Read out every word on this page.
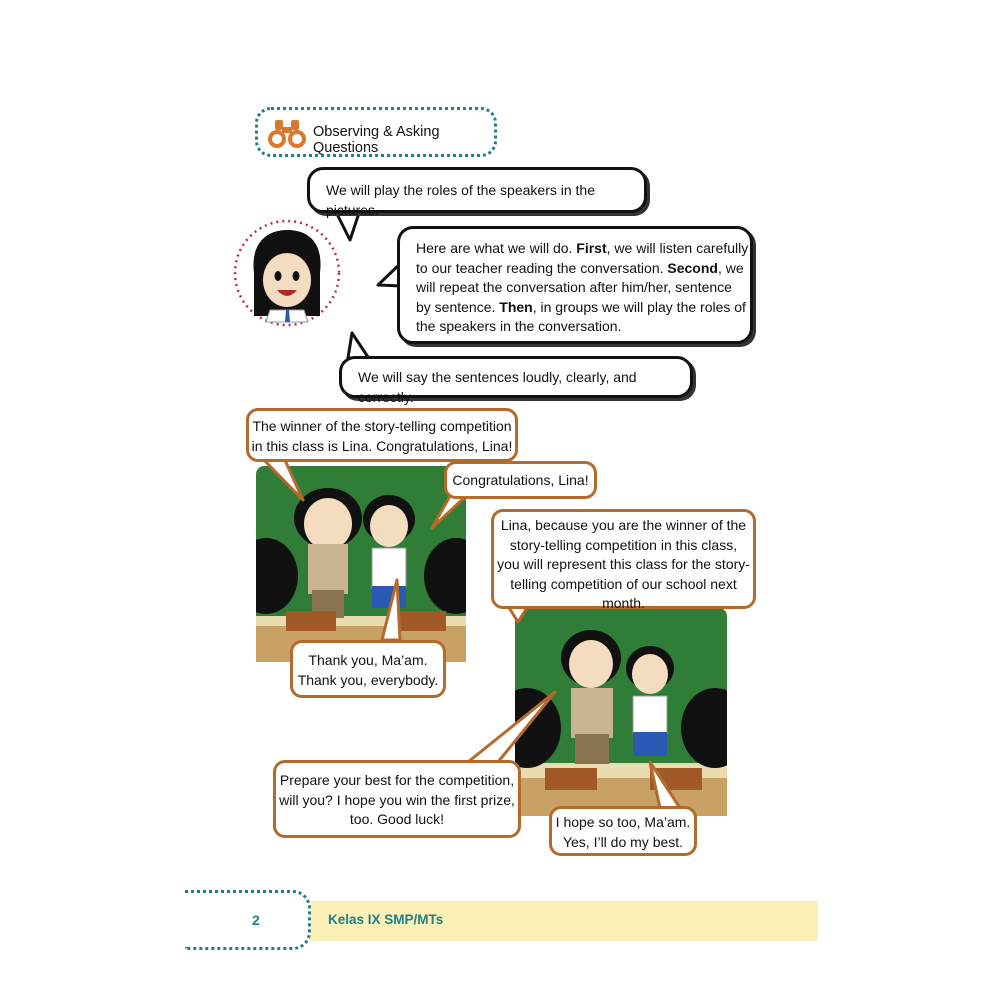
Observing & Asking Questions
We will play the roles of the speakers in the pictures.
Here are what we will do. First, we will listen carefully
to our teacher reading the conversation. Second, we
will repeat the conversation after him/her, sentence
by sentence. Then, in groups we will play the roles of
the speakers in the conversation.
We will say the sentences loudly, clearly, and correctly.
The winner of the story-telling competition
in this class is Lina. Congratulations, Lina!
Congratulations, Lina!
Thank you, Ma’am.
Thank you, everybody.
Lina, because you are the winner of the
story-telling competition in this class,
you will represent this class for the story-
telling competition of our school next
month.
Prepare your best for the competition,
will you? I hope you win the first prize,
too. Good luck!	I hope so too, Ma’am.
Yes, I’ll do my best.
2	Kelas IX SMP/MTs
